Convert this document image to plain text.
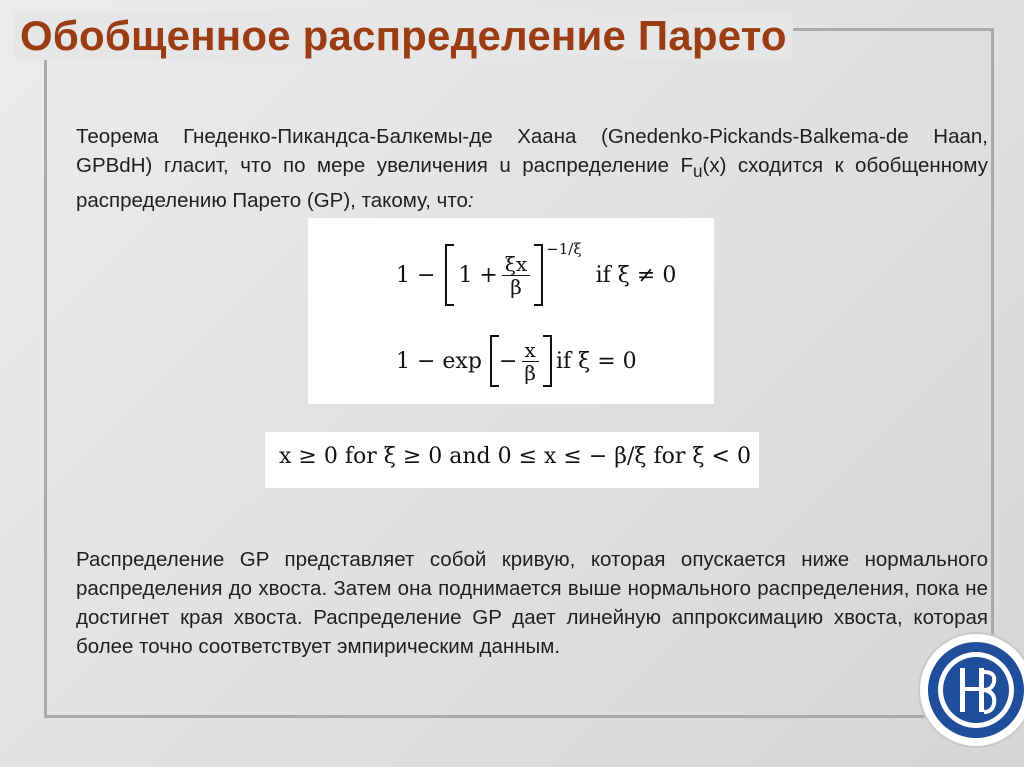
Обобщенное распределение Парето

Теорема Гнеденко-Пикандса-Балкемы-де Хаана (Gnedenko-Pickands-Balkema-de Haan, GPBdH) гласит, что по мере увеличения u распределение $F_u(x)$ сходится к обобщенному распределению Парето (GP), такому, что:

$1 - 1 + \frac{\xi x}{\beta}$
−1/ξ
if ξ ≠ 0
$1 - \exp - \frac{x}{\beta}$ if ξ = 0
x ≥ 0 for ξ ≥ 0 and 0 ≤ x ≤ − β/ξ for ξ < 0

Распределение GP представляет собой кривую, которая опускается ниже нормального распределения до хвоста. Затем она поднимается выше нормального распределения, пока не достигнет края хвоста. Распределение GP дает линейную аппроксимацию хвоста, которая более точно соответствует эмпирическим данным.
